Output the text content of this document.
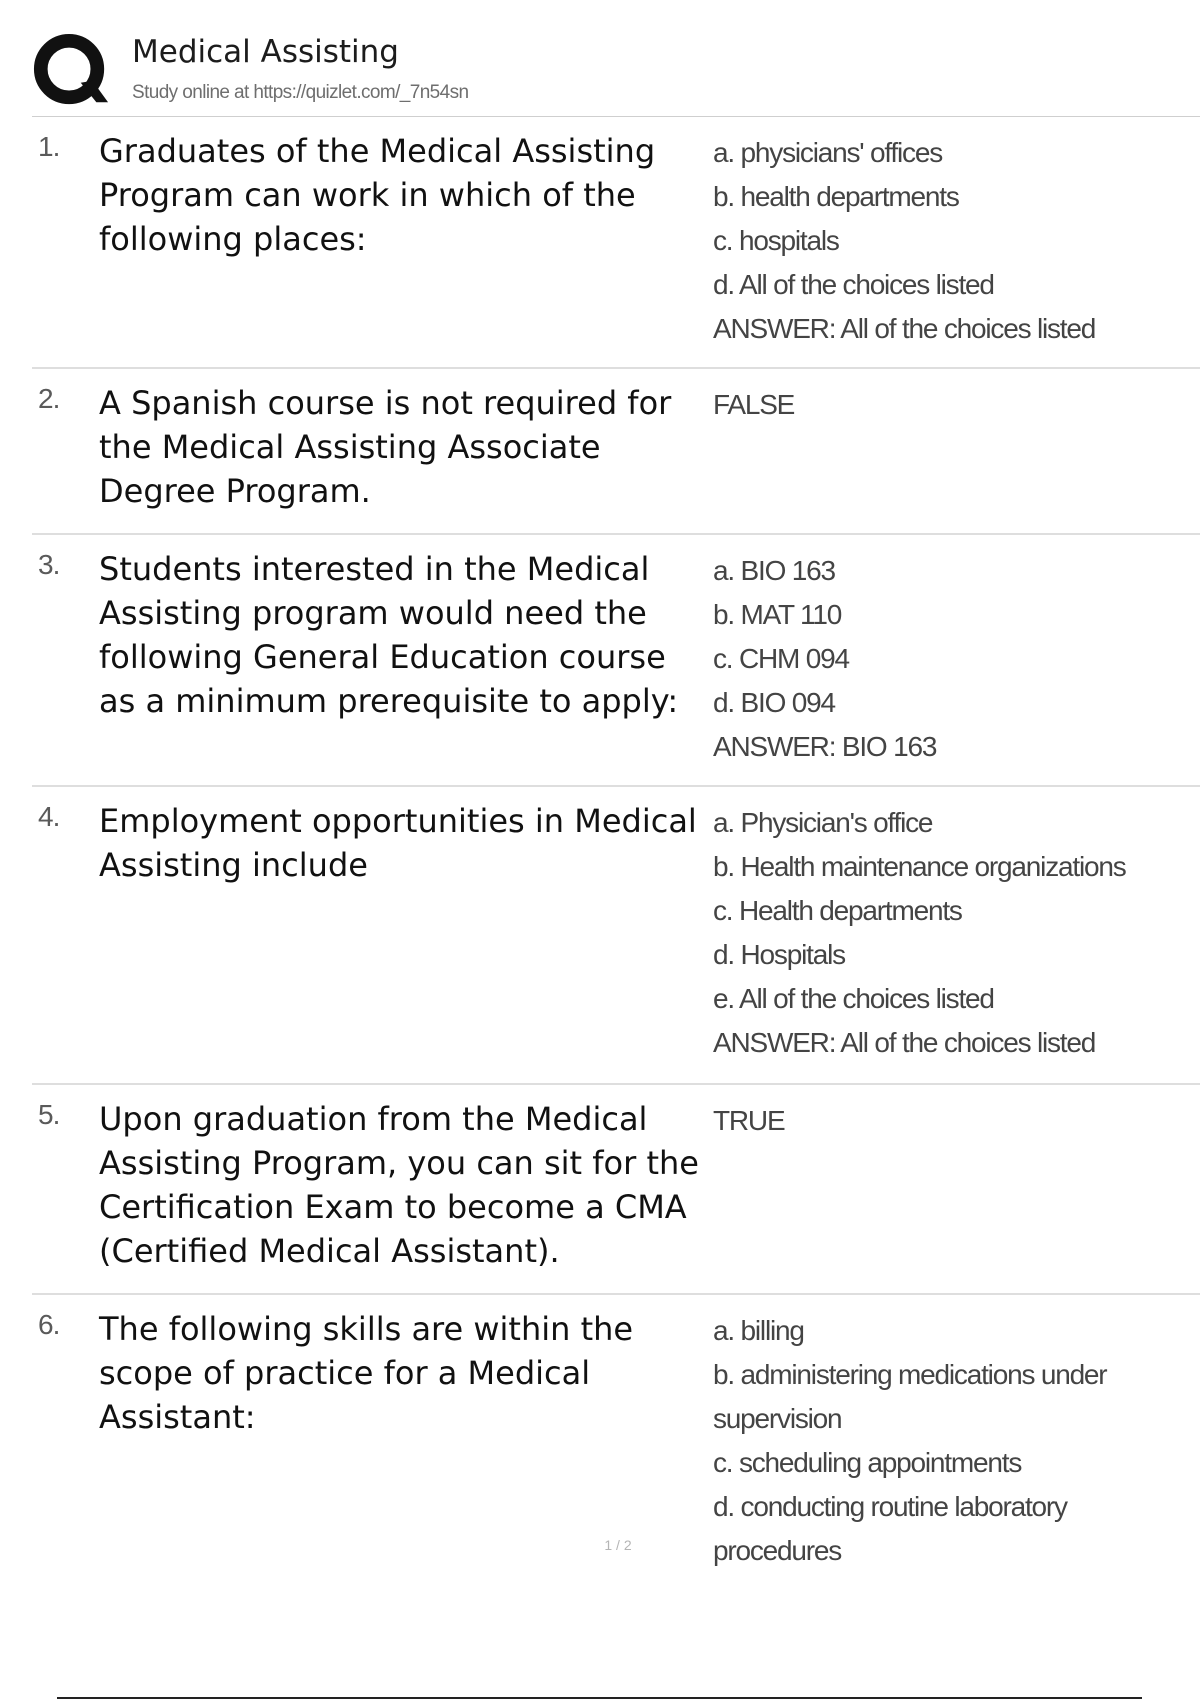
Medical Assisting
Study online at https://quizlet.com/_7n54sn
1. Graduates of the Medical Assisting Program can work in which of the following places:

a. physicians' offices
b. health departments
c. hospitals
d. All of the choices listed
ANSWER: All of the choices listed
2. A Spanish course is not required for the Medical Assisting Associate Degree Program.

FALSE
3. Students interested in the Medical Assisting program would need the following General Education course as a minimum prerequisite to apply:

a. BIO 163
b. MAT 110
c. CHM 094
d. BIO 094
ANSWER: BIO 163
4. Employment opportunities in Medical Assisting include

a. Physician's office
b. Health maintenance organizations
c. Health departments
d. Hospitals
e. All of the choices listed
ANSWER: All of the choices listed
5. Upon graduation from the Medical Assisting Program, you can sit for the Certification Exam to become a CMA (Certified Medical Assistant).

TRUE
6. The following skills are within the scope of practice for a Medical Assistant:

a. billing
b. administering medications under supervision
c. scheduling appointments
d. conducting routine laboratory procedures
1 / 2
